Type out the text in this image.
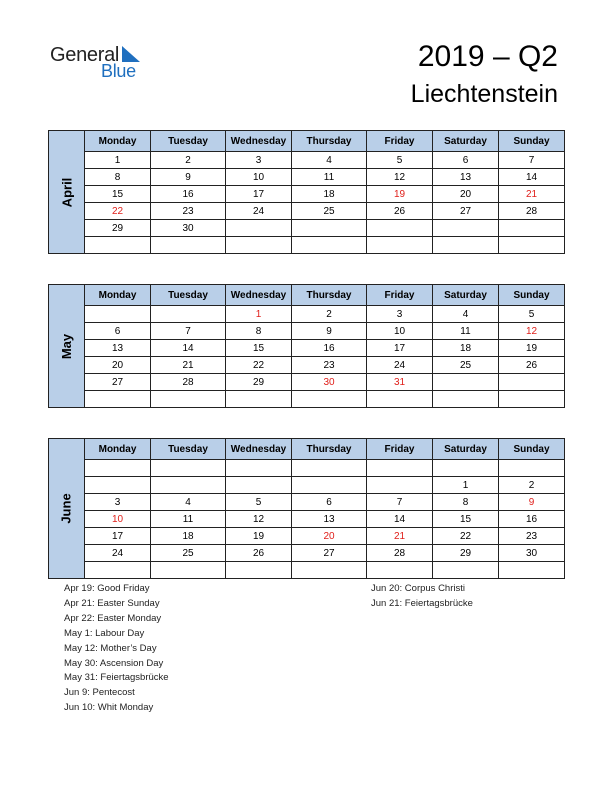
General
Blue	2019 – Q2
Liechtenstein
April	Monday	Tuesday	Wednesday	Thursday	Friday	Saturday	Sunday
	1	2	3	4	5	6	7
	8	9	10	11	12	13	14
	15	16	17	18	19	20	21
	22	23	24	25	26	27	28
	29	30					

May	Monday	Tuesday	Wednesday	Thursday	Friday	Saturday	Sunday
			1	2	3	4	5
	6	7	8	9	10	11	12
	13	14	15	16	17	18	19
	20	21	22	23	24	25	26
	27	28	29	30	31		

June	Monday	Tuesday	Wednesday	Thursday	Friday	Saturday	Sunday

						1	2
	3	4	5	6	7	8	9
	10	11	12	13	14	15	16
	17	18	19	20	21	22	23
	24	25	26	27	28	29	30

Apr 19: Good Friday
Apr 21: Easter Sunday
Apr 22: Easter Monday
May 1: Labour Day
May 12: Mother’s Day
May 30: Ascension Day
May 31: Feiertagsbrücke
Jun 9: Pentecost
Jun 10: Whit Monday
Jun 20: Corpus Christi
Jun 21: Feiertagsbrücke
